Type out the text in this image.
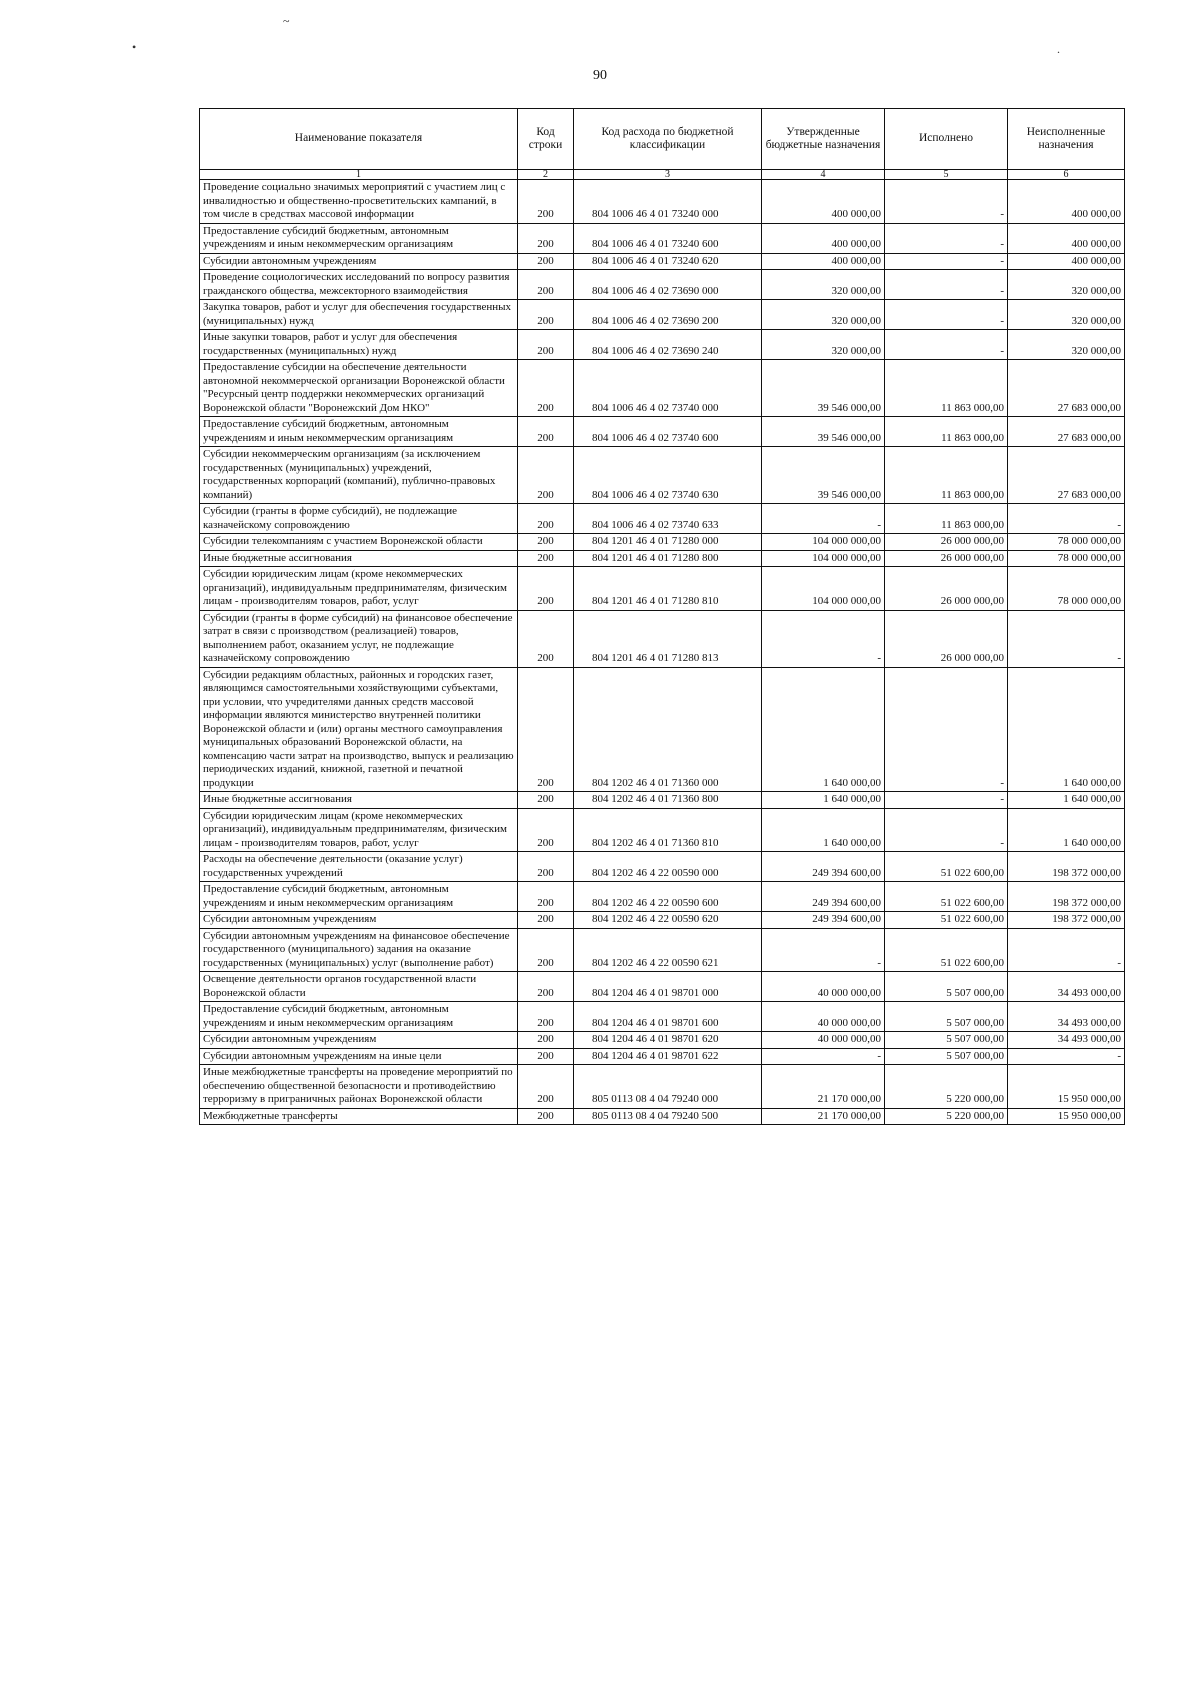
~
•	.
90
Наименование показателя	Код строки	Код расхода по бюджетной классификации	Утвержденные бюджетные назначения	Исполнено	Неисполненные назначения
1	2	3	4	5	6
Проведение социально значимых мероприятий с участием лиц с инвалидностью и общественно-просветительских кампаний, в том числе в средствах массовой информации	200	804 1006 46 4 01 73240 000	400 000,00	-	400 000,00
Предоставление субсидий бюджетным, автономным учреждениям и иным некоммерческим организациям	200	804 1006 46 4 01 73240 600	400 000,00	-	400 000,00
Субсидии автономным учреждениям	200	804 1006 46 4 01 73240 620	400 000,00	-	400 000,00
Проведение социологических исследований по вопросу развития гражданского общества, межсекторного взаимодействия	200	804 1006 46 4 02 73690 000	320 000,00	-	320 000,00
Закупка товаров, работ и услуг для обеспечения государственных (муниципальных) нужд	200	804 1006 46 4 02 73690 200	320 000,00	-	320 000,00
Иные закупки товаров, работ и услуг для обеспечения государственных (муниципальных) нужд	200	804 1006 46 4 02 73690 240	320 000,00	-	320 000,00
Предоставление субсидии на обеспечение деятельности автономной некоммерческой организации Воронежской области "Ресурсный центр поддержки некоммерческих организаций Воронежской области "Воронежский Дом НКО"	200	804 1006 46 4 02 73740 000	39 546 000,00	11 863 000,00	27 683 000,00
Предоставление субсидий бюджетным, автономным учреждениям и иным некоммерческим организациям	200	804 1006 46 4 02 73740 600	39 546 000,00	11 863 000,00	27 683 000,00
Субсидии некоммерческим организациям (за исключением государственных (муниципальных) учреждений, государственных корпораций (компаний), публично-правовых компаний)	200	804 1006 46 4 02 73740 630	39 546 000,00	11 863 000,00	27 683 000,00
Субсидии (гранты в форме субсидий), не подлежащие казначейскому сопровождению	200	804 1006 46 4 02 73740 633	-	11 863 000,00	-
Субсидии телекомпаниям с участием Воронежской области	200	804 1201 46 4 01 71280 000	104 000 000,00	26 000 000,00	78 000 000,00
Иные бюджетные ассигнования	200	804 1201 46 4 01 71280 800	104 000 000,00	26 000 000,00	78 000 000,00
Субсидии юридическим лицам (кроме некоммерческих организаций), индивидуальным предпринимателям, физическим лицам - производителям товаров, работ, услуг	200	804 1201 46 4 01 71280 810	104 000 000,00	26 000 000,00	78 000 000,00
Субсидии (гранты в форме субсидий) на финансовое обеспечение затрат в связи с производством (реализацией) товаров, выполнением работ, оказанием услуг, не подлежащие казначейскому сопровождению	200	804 1201 46 4 01 71280 813	-	26 000 000,00	-
Субсидии редакциям областных, районных и городских газет, являющимся самостоятельными хозяйствующими субъектами, при условии, что учредителями данных средств массовой информации являются министерство внутренней политики Воронежской области и (или) органы местного самоуправления муниципальных образований Воронежской области, на компенсацию части затрат на производство, выпуск и реализацию периодических изданий, книжной, газетной и печатной продукции	200	804 1202 46 4 01 71360 000	1 640 000,00	-	1 640 000,00
Иные бюджетные ассигнования	200	804 1202 46 4 01 71360 800	1 640 000,00	-	1 640 000,00
Субсидии юридическим лицам (кроме некоммерческих организаций), индивидуальным предпринимателям, физическим лицам - производителям товаров, работ, услуг	200	804 1202 46 4 01 71360 810	1 640 000,00	-	1 640 000,00
Расходы на обеспечение деятельности (оказание услуг) государственных учреждений	200	804 1202 46 4 22 00590 000	249 394 600,00	51 022 600,00	198 372 000,00
Предоставление субсидий бюджетным, автономным учреждениям и иным некоммерческим организациям	200	804 1202 46 4 22 00590 600	249 394 600,00	51 022 600,00	198 372 000,00
Субсидии автономным учреждениям	200	804 1202 46 4 22 00590 620	249 394 600,00	51 022 600,00	198 372 000,00
Субсидии автономным учреждениям на финансовое обеспечение государственного (муниципального) задания на оказание государственных (муниципальных) услуг (выполнение работ)	200	804 1202 46 4 22 00590 621	-	51 022 600,00	-
Освещение деятельности органов государственной власти Воронежской области	200	804 1204 46 4 01 98701 000	40 000 000,00	5 507 000,00	34 493 000,00
Предоставление субсидий бюджетным, автономным учреждениям и иным некоммерческим организациям	200	804 1204 46 4 01 98701 600	40 000 000,00	5 507 000,00	34 493 000,00
Субсидии автономным учреждениям	200	804 1204 46 4 01 98701 620	40 000 000,00	5 507 000,00	34 493 000,00
Субсидии автономным учреждениям на иные цели	200	804 1204 46 4 01 98701 622	-	5 507 000,00	-
Иные межбюджетные трансферты на проведение мероприятий по обеспечению общественной безопасности и противодействию терроризму в приграничных районах Воронежской области	200	805 0113 08 4 04 79240 000	21 170 000,00	5 220 000,00	15 950 000,00
Межбюджетные трансферты	200	805 0113 08 4 04 79240 500	21 170 000,00	5 220 000,00	15 950 000,00
